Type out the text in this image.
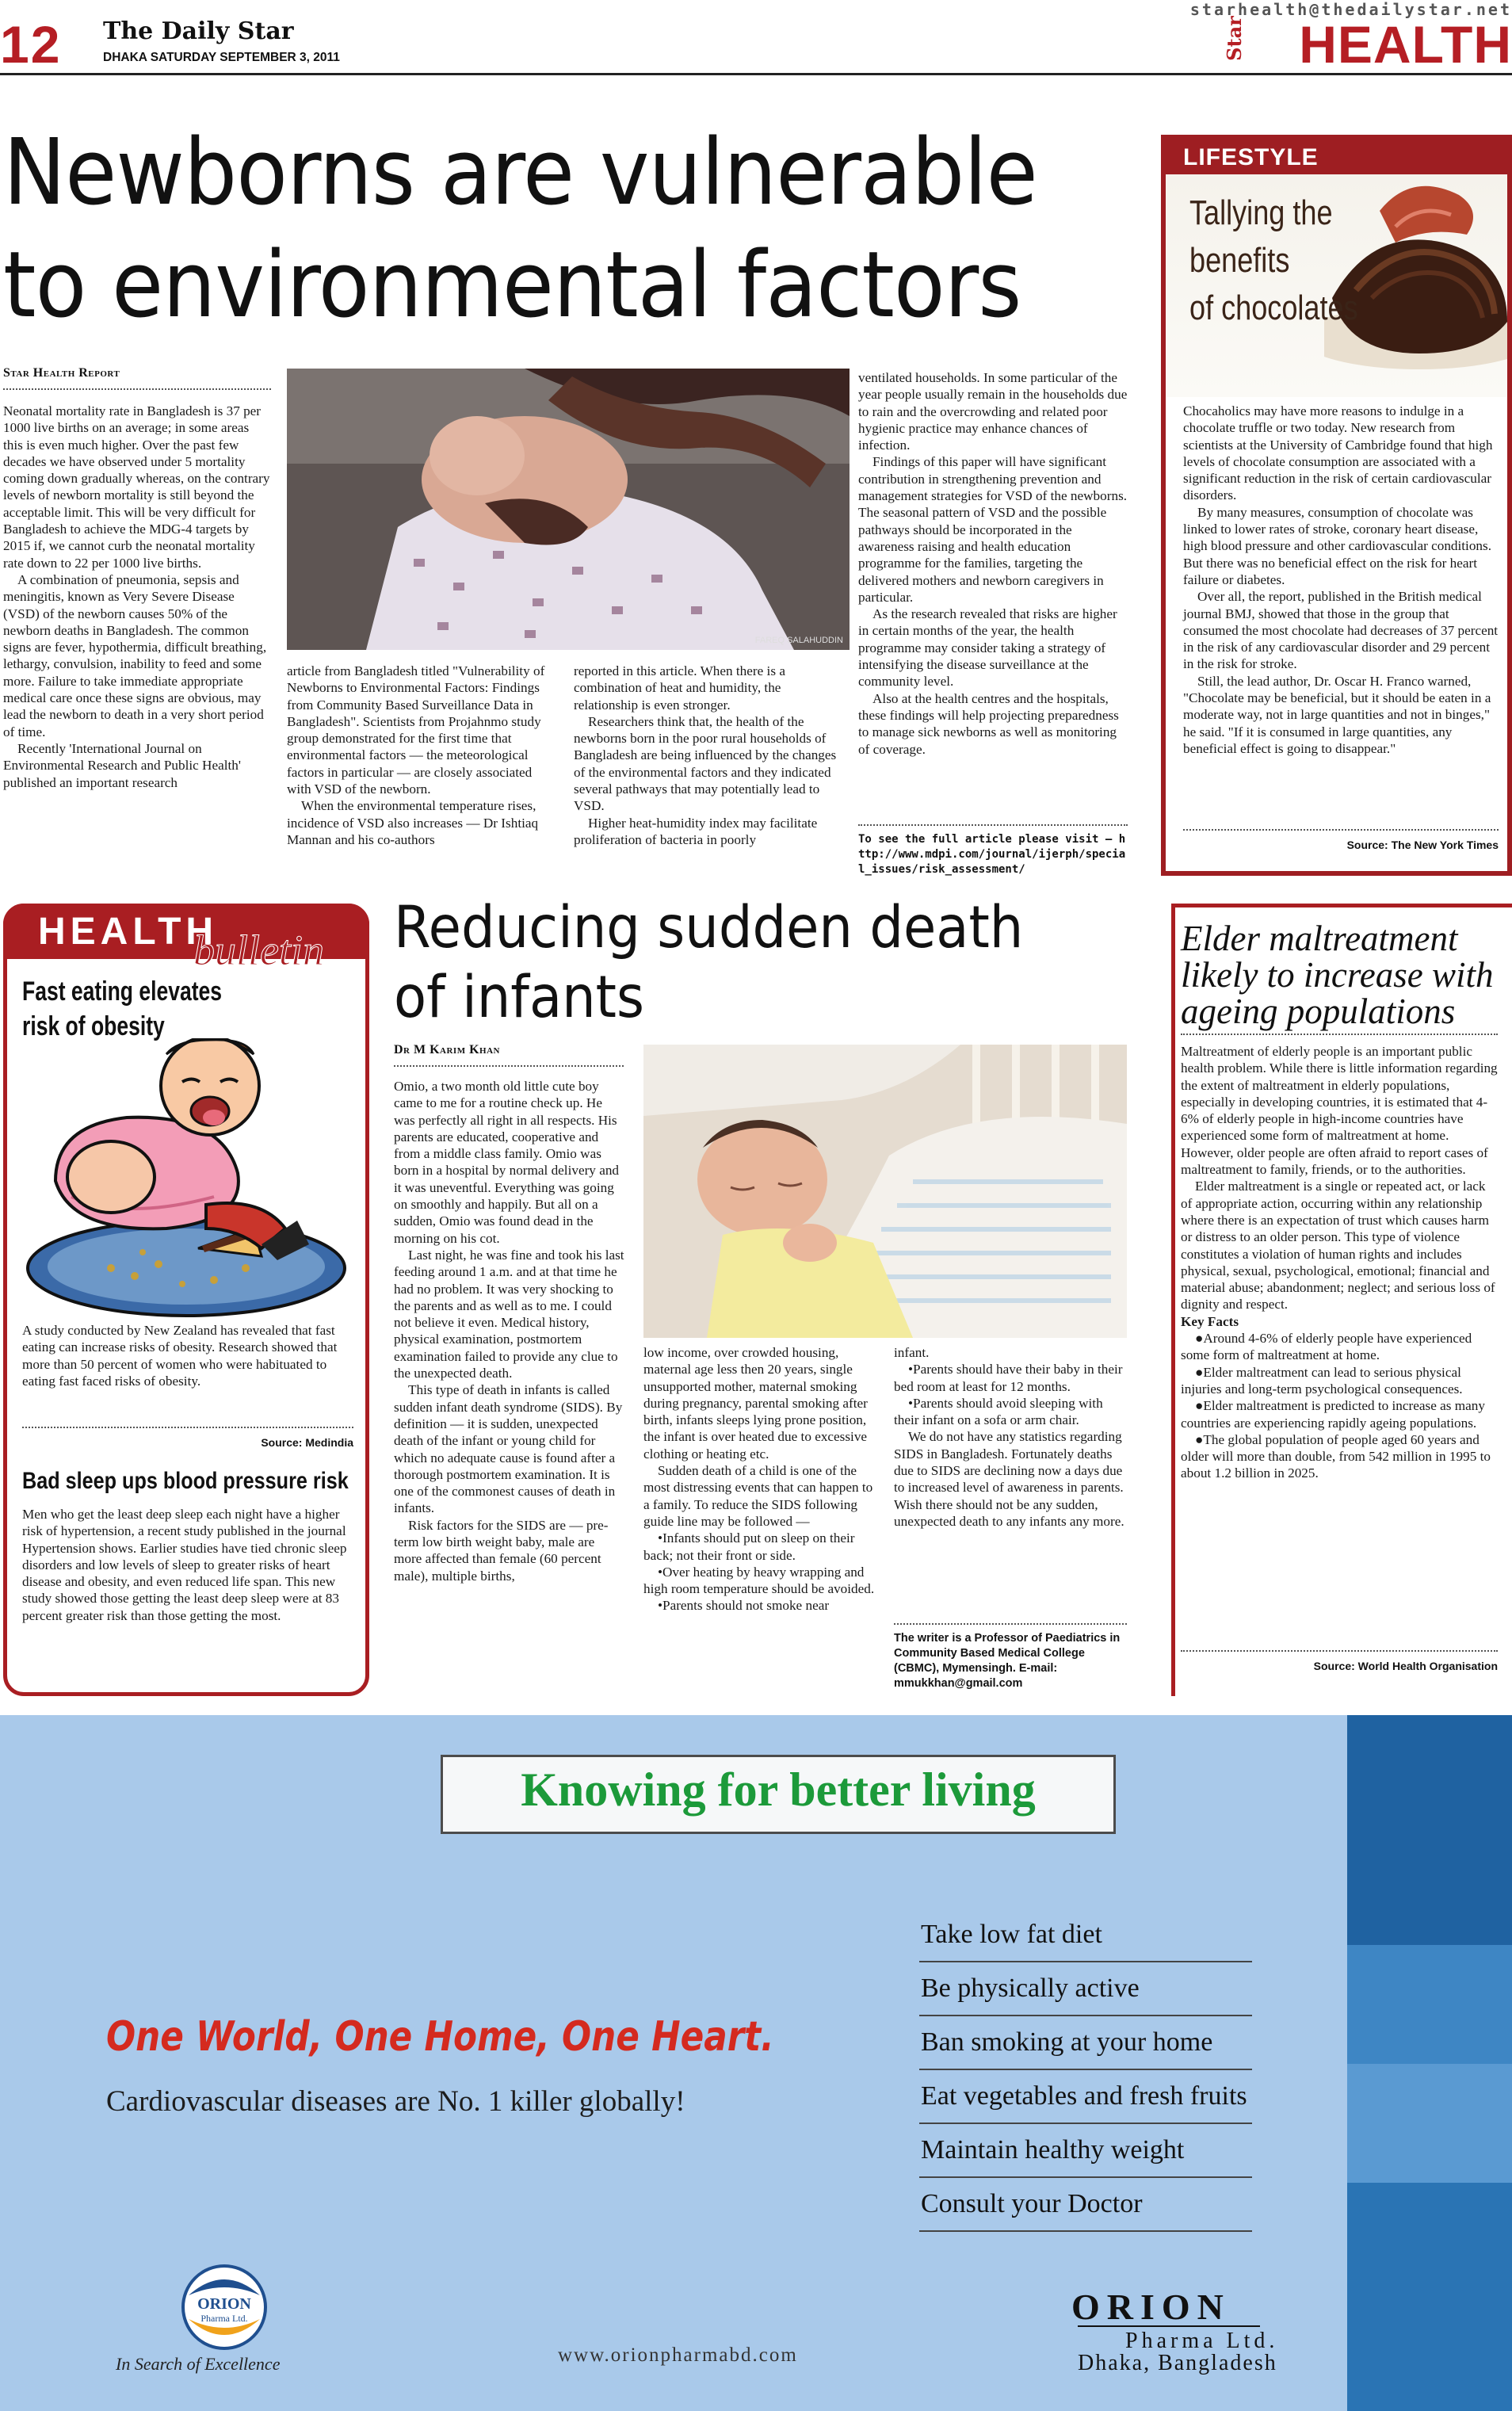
12 The Daily Star
DHAKA SATURDAY SEPTEMBER 3, 2011
starhealth@thedailystar.net
Star HEALTH
Newborns are vulnerable
to environmental factors
Star Health Report

Neonatal mortality rate in Bangladesh is 37 per 1000 live births on an average; in some areas this is even much higher. Over the past few decades we have observed under 5 mortality coming down gradually whereas, on the contrary levels of newborn mortality is still beyond the acceptable limit. This will be very difficult for Bangladesh to achieve the MDG-4 targets by 2015 if, we cannot curb the neonatal mortality rate down to 22 per 1000 live births.

A combination of pneumonia, sepsis and meningitis, known as Very Severe Disease (VSD) of the newborn causes 50% of the newborn deaths in Bangladesh. The common signs are fever, hypothermia, difficult breathing, lethargy, convulsion, inability to feed and some more. Failure to take immediate appropriate medical care once these signs are obvious, may lead the newborn to death in a very short period of time.

Recently 'International Journal on Environmental Research and Public Health' published an important research

FAREQ SALAHUDDIN

article from Bangladesh titled "Vulnerability of Newborns to Environmental Factors: Findings from Community Based Surveillance Data in Bangladesh". Scientists from Projahnmo study group demonstrated for the first time that environmental factors — the meteorological factors in particular — are closely associated with VSD of the newborn.

When the environmental temperature rises, incidence of VSD also increases — Dr Ishtiaq Mannan and his co-authors

reported in this article. When there is a combination of heat and humidity, the relationship is even stronger.

Researchers think that, the health of the newborns born in the poor rural households of Bangladesh are being influenced by the changes of the environmental factors and they indicated several pathways that may potentially lead to VSD.

Higher heat-humidity index may facilitate proliferation of bacteria in poorly

ventilated households. In some particular of the year people usually remain in the households due to rain and the overcrowding and related poor hygienic practice may enhance chances of infection.

Findings of this paper will have significant contribution in strengthening prevention and management strategies for VSD of the newborns. The seasonal pattern of VSD and the possible pathways should be incorporated in the awareness raising and health education programme for the families, targeting the delivered mothers and newborn caregivers in particular.

As the research revealed that risks are higher in certain months of the year, the health programme may consider taking a strategy of intensifying the disease surveillance at the community level.

Also at the health centres and the hospitals, these findings will help projecting preparedness to manage sick newborns as well as monitoring of coverage.

To see the full article please visit — http://www.mdpi.com/journal/ijerph/special_issues/risk_assessment/
LIFESTYLE
Tallying the
benefits
of chocolates

Chocaholics may have more reasons to indulge in a chocolate truffle or two today. New research from scientists at the University of Cambridge found that high levels of chocolate consumption are associated with a significant reduction in the risk of certain cardiovascular disorders.

By many measures, consumption of chocolate was linked to lower rates of stroke, coronary heart disease, high blood pressure and other cardiovascular conditions. But there was no beneficial effect on the risk for heart failure or diabetes.

Over all, the report, published in the British medical journal BMJ, showed that those in the group that consumed the most chocolate had decreases of 37 percent in the risk of any cardiovascular disorder and 29 percent in the risk for stroke.

Still, the lead author, Dr. Oscar H. Franco warned, "Chocolate may be beneficial, but it should be eaten in a moderate way, not in large quantities and not in binges," he said. "If it is consumed in large quantities, any beneficial effect is going to disappear."

Source: The New York Times
HEALTH
bulletin
Fast eating elevates
risk of obesity

A study conducted by New Zealand has revealed that fast eating can increase risks of obesity. Research showed that more than 50 percent of women who were habituated to eating fast faced risks of obesity.

Source: Medindia
Bad sleep ups blood pressure risk

Men who get the least deep sleep each night have a higher risk of hypertension, a recent study published in the journal Hypertension shows. Earlier studies have tied chronic sleep disorders and low levels of sleep to greater risks of heart disease and obesity, and even reduced life span. This new study showed those getting the least deep sleep were at 83 percent greater risk than those getting the most.

Reducing sudden death
of infants
Dr M Karim Khan

Omio, a two month old little cute boy came to me for a routine check up. He was perfectly all right in all respects. His parents are educated, cooperative and from a middle class family. Omio was born in a hospital by normal delivery and it was uneventful. Everything was going on smoothly and happily. But all on a sudden, Omio was found dead in the morning on his cot.

Last night, he was fine and took his last feeding around 1 a.m. and at that time he had no problem. It was very shocking to the parents and as well as to me. I could not believe it even. Medical history, physical examination, postmortem examination failed to provide any clue to the unexpected death.

This type of death in infants is called sudden infant death syndrome (SIDS). By definition — it is sudden, unexpected death of the infant or young child for which no adequate cause is found after a thorough postmortem examination. It is one of the commonest causes of death in infants.

Risk factors for the SIDS are — pre-term low birth weight baby, male are more affected than female (60 percent male), multiple births,

low income, over crowded housing, maternal age less then 20 years, single unsupported mother, maternal smoking during pregnancy, parental smoking after birth, infants sleeps lying prone position, the infant is over heated due to excessive clothing or heating etc.

Sudden death of a child is one of the most distressing events that can happen to a family. To reduce the SIDS following guide line may be followed —

•Infants should put on sleep on their back; not their front or side.

•Over heating by heavy wrapping and high room temperature should be avoided.

•Parents should not smoke near

infant.

•Parents should have their baby in their bed room at least for 12 months.

•Parents should avoid sleeping with their infant on a sofa or arm chair.

We do not have any statistics regarding SIDS in Bangladesh. Fortunately deaths due to SIDS are declining now a days due to increased level of awareness in parents. Wish there should not be any sudden, unexpected death to any infants any more.

The writer is a Professor of Paediatrics in Community Based Medical College (CBMC), Mymensingh. E-mail: mmukkhan@gmail.com
Elder maltreatment
likely to increase with
ageing populations

Maltreatment of elderly people is an important public health problem. While there is little information regarding the extent of maltreatment in elderly populations, especially in developing countries, it is estimated that 4-6% of elderly people in high-income countries have experienced some form of maltreatment at home. However, older people are often afraid to report cases of maltreatment to family, friends, or to the authorities.

Elder maltreatment is a single or repeated act, or lack of appropriate action, occurring within any relationship where there is an expectation of trust which causes harm or distress to an older person. This type of violence constitutes a violation of human rights and includes physical, sexual, psychological, emotional; financial and material abuse; abandonment; neglect; and serious loss of dignity and respect.

Key Facts

●Around 4-6% of elderly people have experienced some form of maltreatment at home.

●Elder maltreatment can lead to serious physical injuries and long-term psychological consequences.

●Elder maltreatment is predicted to increase as many countries are experiencing rapidly ageing populations.

●The global population of people aged 60 years and older will more than double, from 542 million in 1995 to about 1.2 billion in 2025.

Source: World Health Organisation
Knowing for better living
One World, One Home, One Heart.
Cardiovascular diseases are No. 1 killer globally!
Take low fat diet
Be physically active
Ban smoking at your home
Eat vegetables and fresh fruits
Maintain healthy weight
Consult your Doctor
ORION
Pharma Ltd.
In Search of Excellence	www.orionpharmabd.com
ORION
Pharma Ltd.
Dhaka, Bangladesh
